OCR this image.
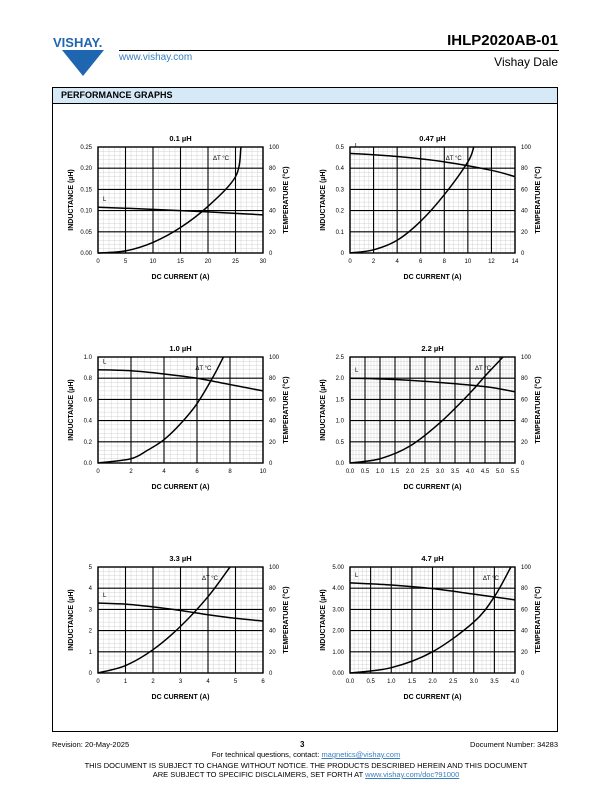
VISHAY.
www.vishay.com
IHLP2020AB-01
Vishay Dale
PERFORMANCE GRAPHS
0	5	10	15	20	25	30
0.00
0.05
0.10
0.15
0.20
0.25
0
20
40
60
80
100
0.1 µH
DC CURRENT (A)
INDUCTANCE (µH)	TEMPERATURE (°C)
L
ΔT °C
0	2	4	6	8	10	12	14
0
0.1
0.2
0.3
0.4
0.5
0
20
40
60
80
100
0.47 µH
DC CURRENT (A)
INDUCTANCE (µH)	TEMPERATURE (°C)
L
ΔT °C
0	2	4	6	8	10
0.0
0.2
0.4
0.6
0.8
1.0
0
20
40
60
80
100
1.0 µH
DC CURRENT (A)
INDUCTANCE (µH)	TEMPERATURE (°C)
L
ΔT °C
0.0 0.5 1.0 1.5 2.0 2.5 3.0 3.5 4.0 4.5 5.0 5.5
0.0
0.5
1.0
1.5
2.0
2.5
0
20
40
60
80
100
2.2 µH
DC CURRENT (A)
INDUCTANCE (µH)	TEMPERATURE (°C)
L	ΔT °C
0	1	2	3	4	5	6
0
1
2
3
4
5
0
20
40
60
80
100
3.3 µH
DC CURRENT (A)
INDUCTANCE (µH)	TEMPERATURE (°C)
L
ΔT °C
0.0 0.5 1.0 1.5 2.0 2.5 3.0 3.5 4.0
0.00
1.00
2.00
3.00
4.00
5.00
0
20
40
60
80
100
4.7 µH
DC CURRENT (A)
INDUCTANCE (µH)	TEMPERATURE (°C)
L
ΔT °C
Revision: 20-May-2025	3	Document Number: 34283
For technical questions, contact: magnetics@vishay.com
THIS DOCUMENT IS SUBJECT TO CHANGE WITHOUT NOTICE. THE PRODUCTS DESCRIBED HEREIN AND THIS DOCUMENT
ARE SUBJECT TO SPECIFIC DISCLAIMERS, SET FORTH AT www.vishay.com/doc?91000
